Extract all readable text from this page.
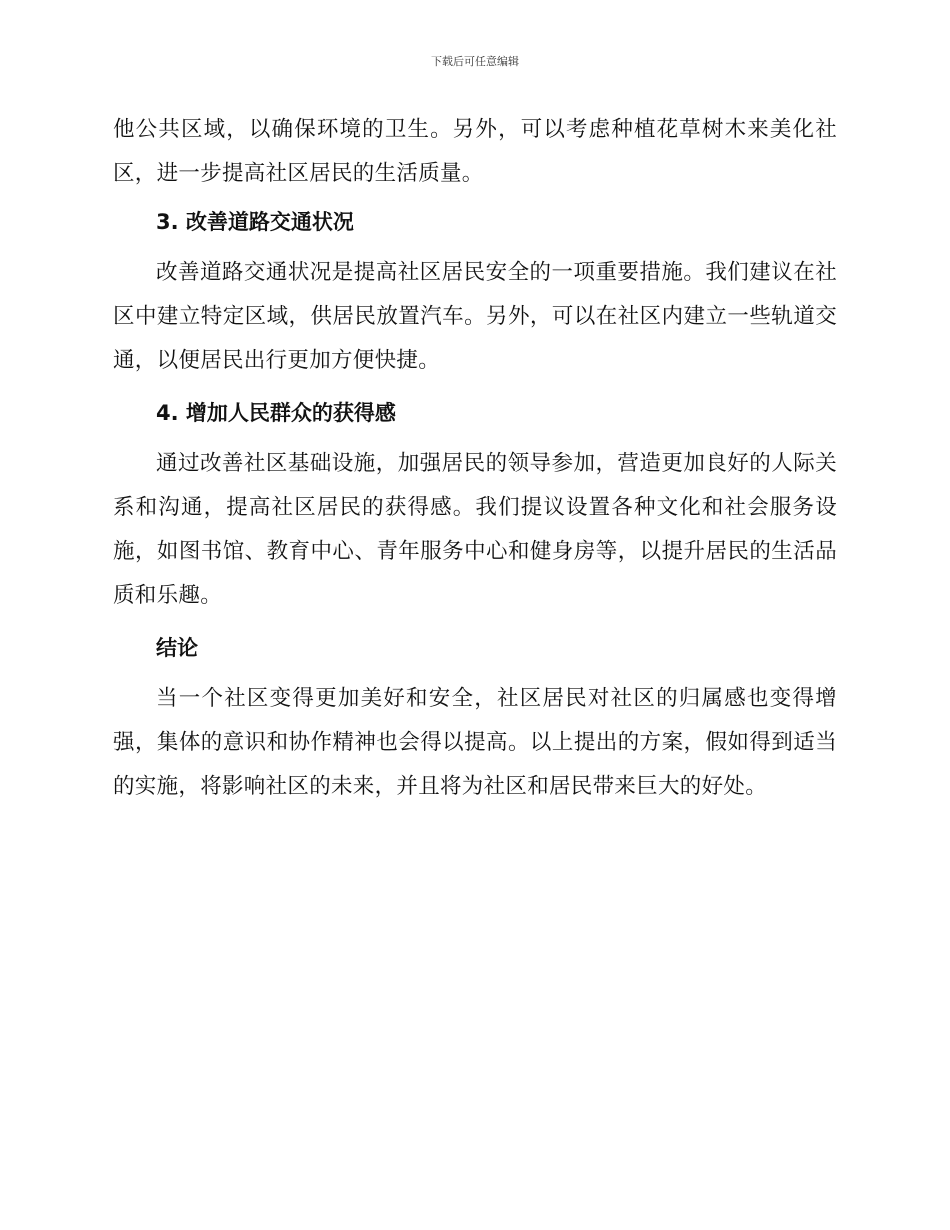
下载后可任意编辑

他公共区域，以确保环境的卫生。另外，可以考虑种植花草树木来美化社区，进一步提高社区居民的生活质量。

3. 改善道路交通状况

改善道路交通状况是提高社区居民安全的一项重要措施。我们建议在社区中建立特定区域，供居民放置汽车。另外，可以在社区内建立一些轨道交通，以便居民出行更加方便快捷。

4. 增加人民群众的获得感

通过改善社区基础设施，加强居民的领导参加，营造更加良好的人际关系和沟通，提高社区居民的获得感。我们提议设置各种文化和社会服务设施，如图书馆、教育中心、青年服务中心和健身房等，以提升居民的生活品质和乐趣。

结论

当一个社区变得更加美好和安全，社区居民对社区的归属感也变得增强，集体的意识和协作精神也会得以提高。以上提出的方案，假如得到适当的实施，将影响社区的未来，并且将为社区和居民带来巨大的好处。
